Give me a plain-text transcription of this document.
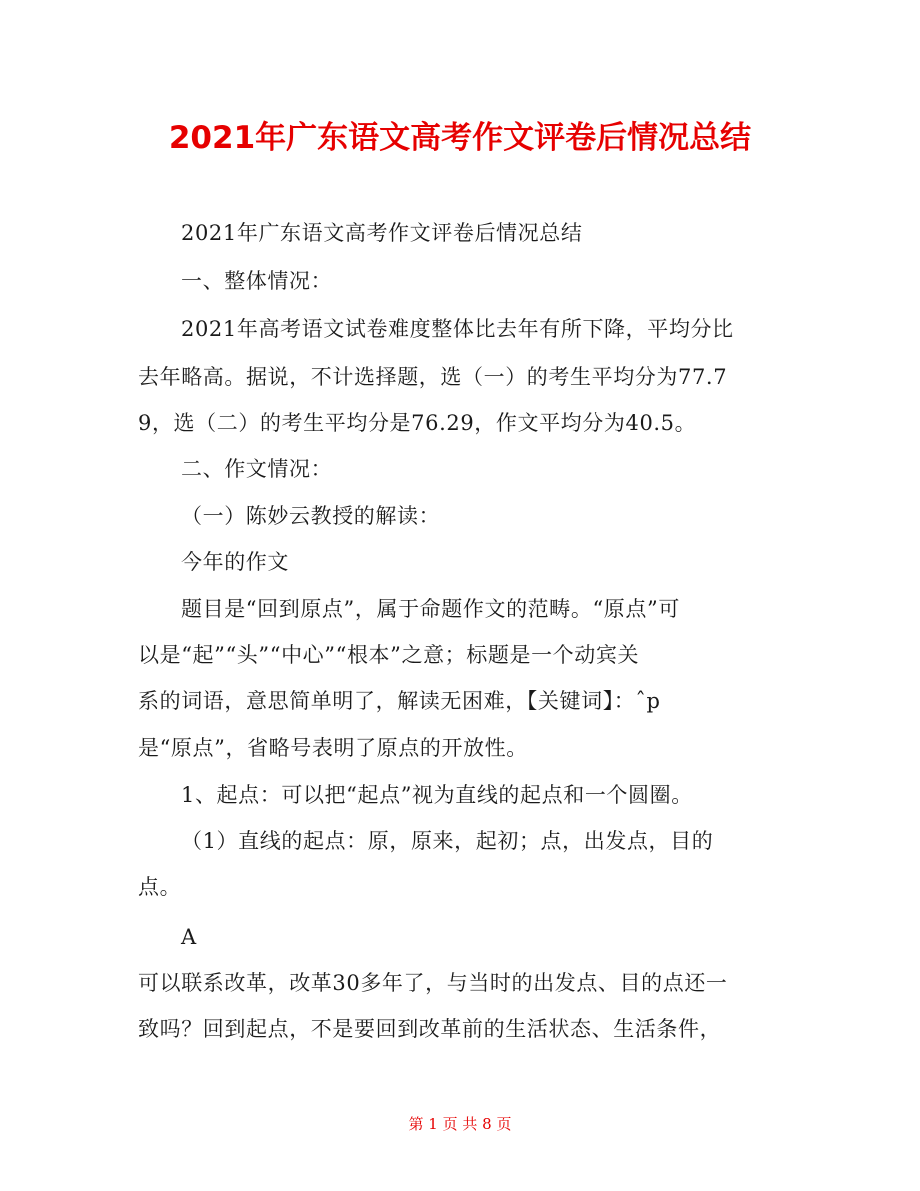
2021年广东语文高考作文评卷后情况总结
2021年广东语文高考作文评卷后情况总结
一、整体情况：
2021年高考语文试卷难度整体比去年有所下降，平均分比
去年略高。据说，不计选择题，选（一）的考生平均分为77.7
9，选（二）的考生平均分是76.29，作文平均分为40.5。
二、作文情况：
（一）陈妙云教授的解读：
今年的作文
题目是“回到原点”，属于命题作文的范畴。“原点”可
以是“起”“头”“中心”“根本”之意；标题是一个动宾关
系的词语，意思简单明了，解读无困难，【关键词】：ˆp
是“原点”，省略号表明了原点的开放性。
1、起点：可以把“起点”视为直线的起点和一个圆圈。
（1）直线的起点：原，原来，起初；点，出发点，目的
点。
A
可以联系改革，改革30多年了，与当时的出发点、目的点还一
致吗？回到起点，不是要回到改革前的生活状态、生活条件，
第 1 页 共 8 页
